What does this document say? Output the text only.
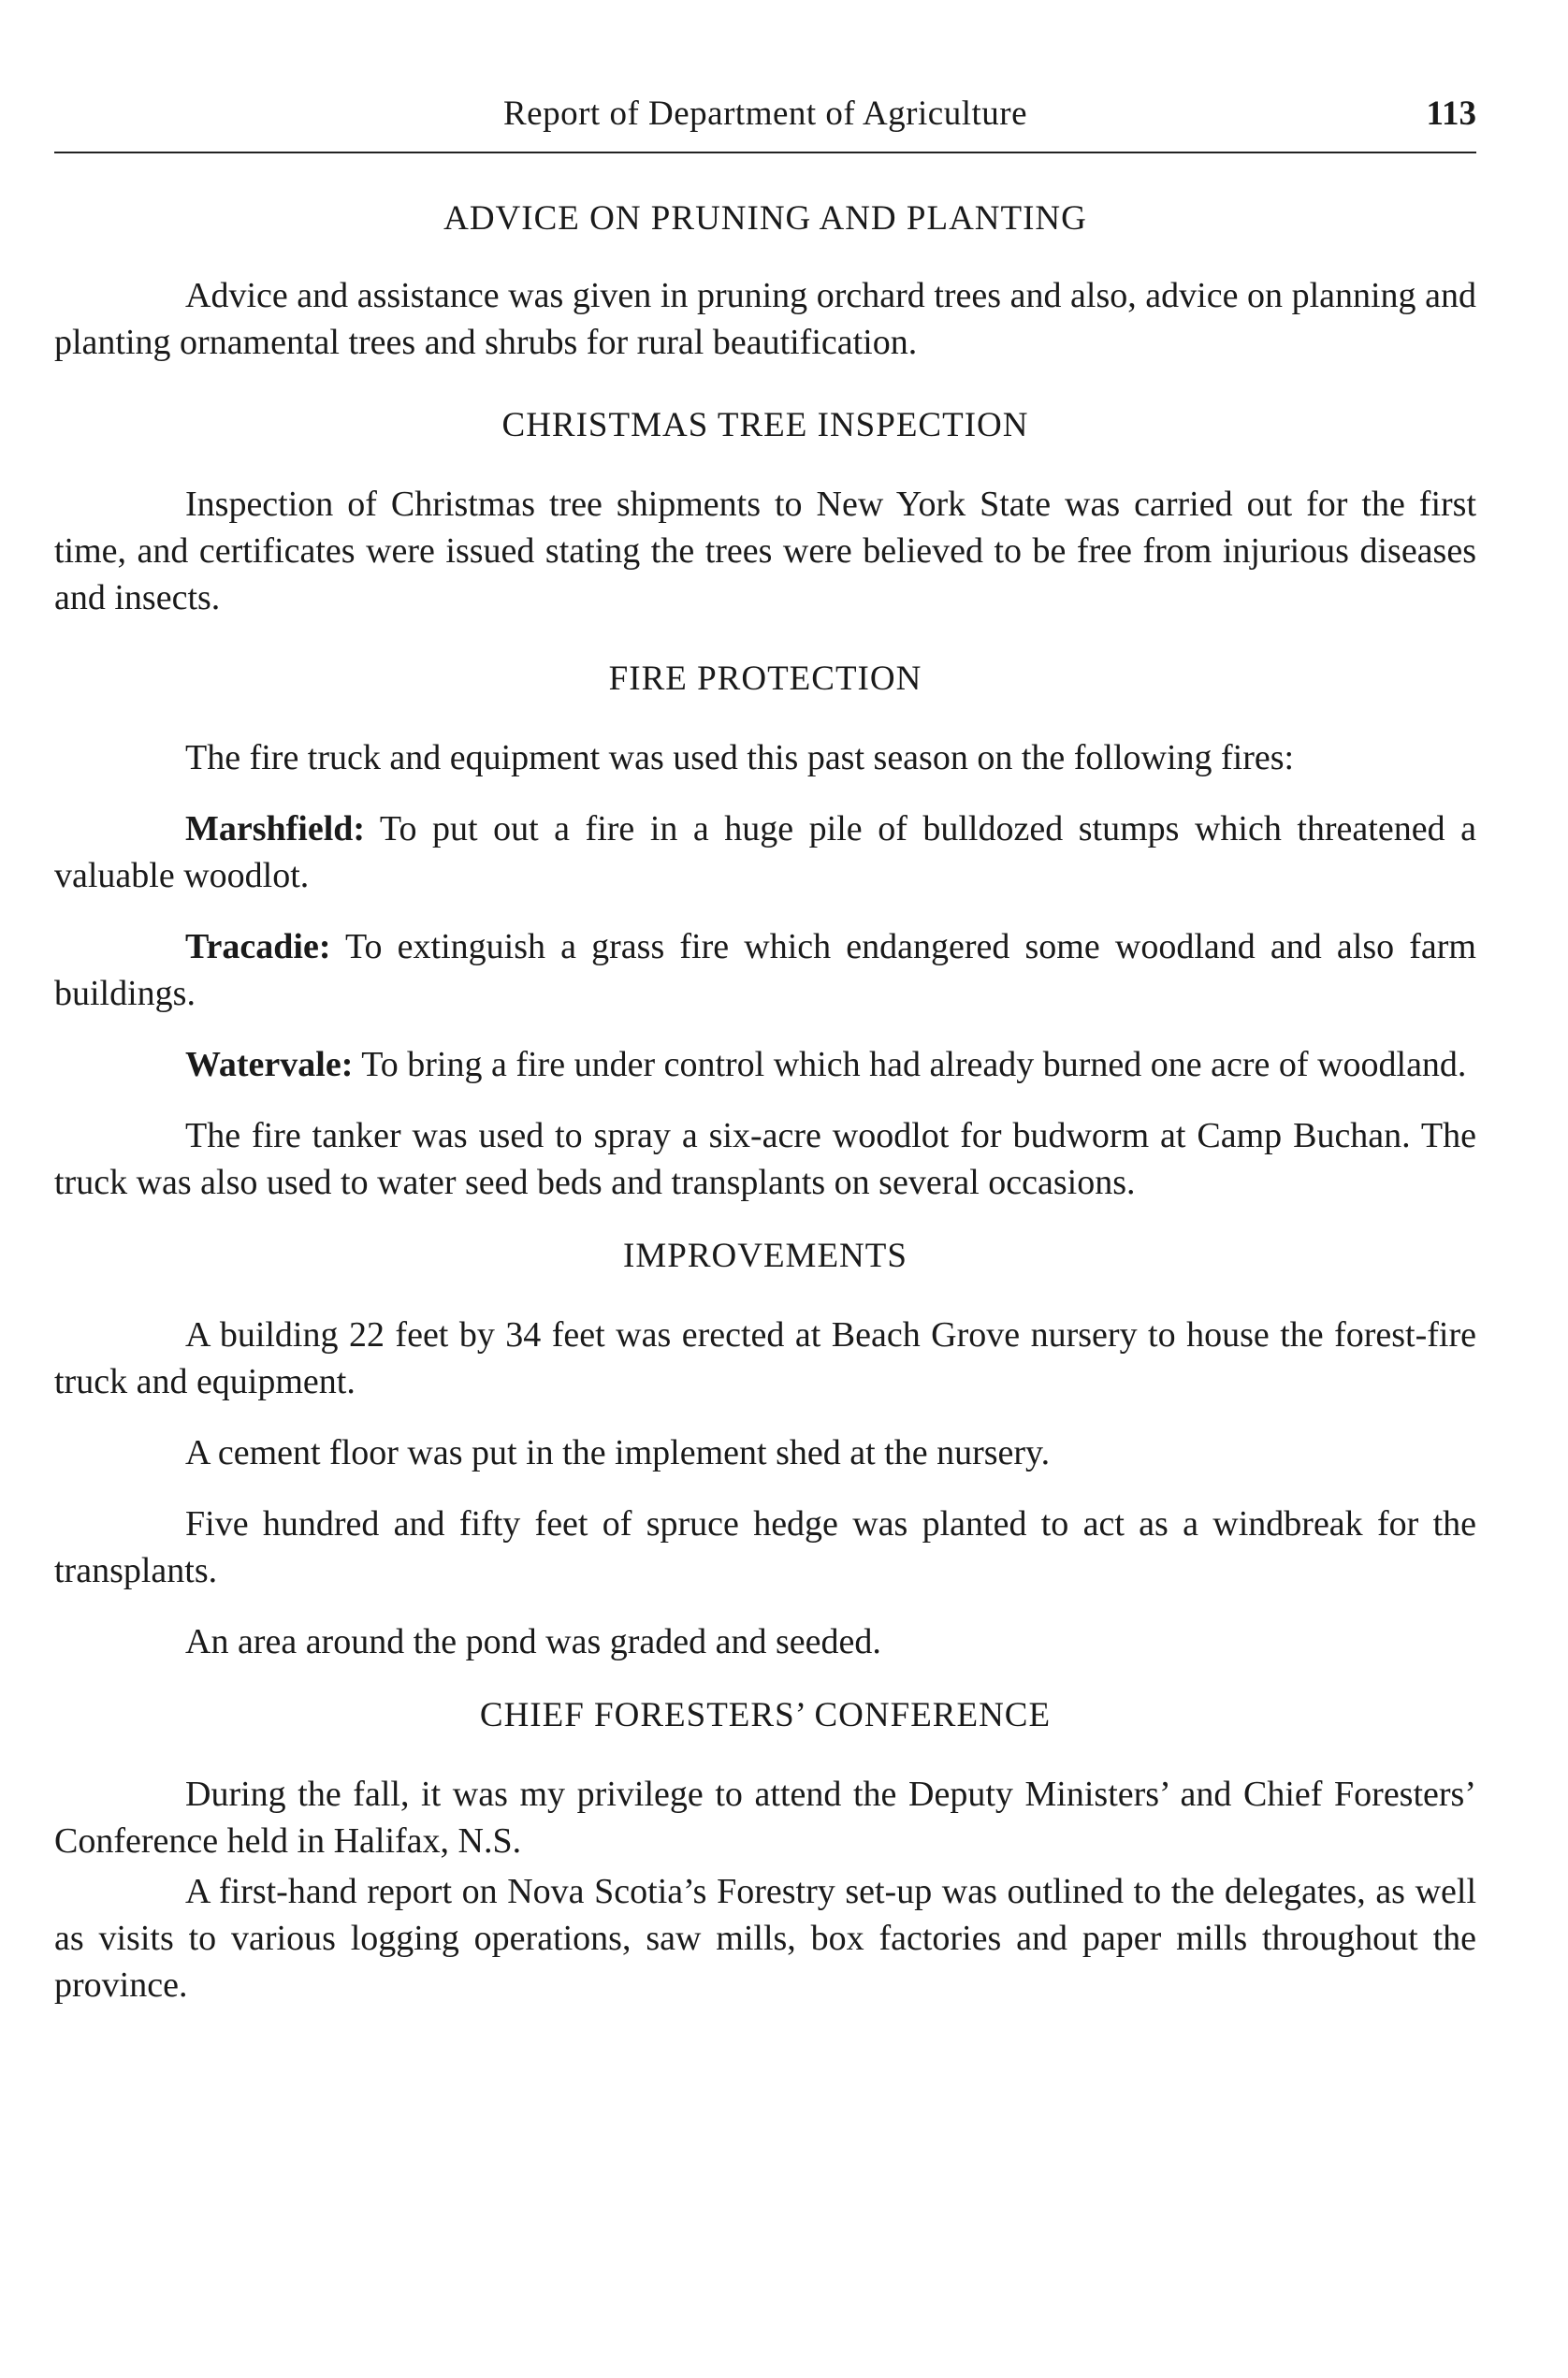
Report of Department of Agriculture	113
ADVICE ON PRUNING AND PLANTING

Advice and assistance was given in pruning orchard trees and also, advice on planning and planting ornamental trees and shrubs for rural beautification.

CHRISTMAS TREE INSPECTION

Inspection of Christmas tree shipments to New York State was carried out for the first time, and certificates were issued stating the trees were believed to be free from injurious diseases and insects.

FIRE PROTECTION

The fire truck and equipment was used this past season on the following fires:

Marshfield: To put out a fire in a huge pile of bulldozed stumps which threatened a valuable woodlot.

Tracadie: To extinguish a grass fire which endangered some woodland and also farm buildings.

Watervale: To bring a fire under control which had already burned one acre of woodland.

The fire tanker was used to spray a six-acre woodlot for budworm at Camp Buchan. The truck was also used to water seed beds and transplants on several occasions.

IMPROVEMENTS

A building 22 feet by 34 feet was erected at Beach Grove nursery to house the forest-fire truck and equipment.

A cement floor was put in the implement shed at the nursery.

Five hundred and fifty feet of spruce hedge was planted to act as a windbreak for the transplants.

An area around the pond was graded and seeded.

CHIEF FORESTERS’ CONFERENCE

During the fall, it was my privilege to attend the Deputy Ministers’ and Chief Foresters’ Conference held in Halifax, N.S.

A first-hand report on Nova Scotia’s Forestry set-up was outlined to the delegates, as well as visits to various logging operations, saw mills, box factories and paper mills throughout the province.
